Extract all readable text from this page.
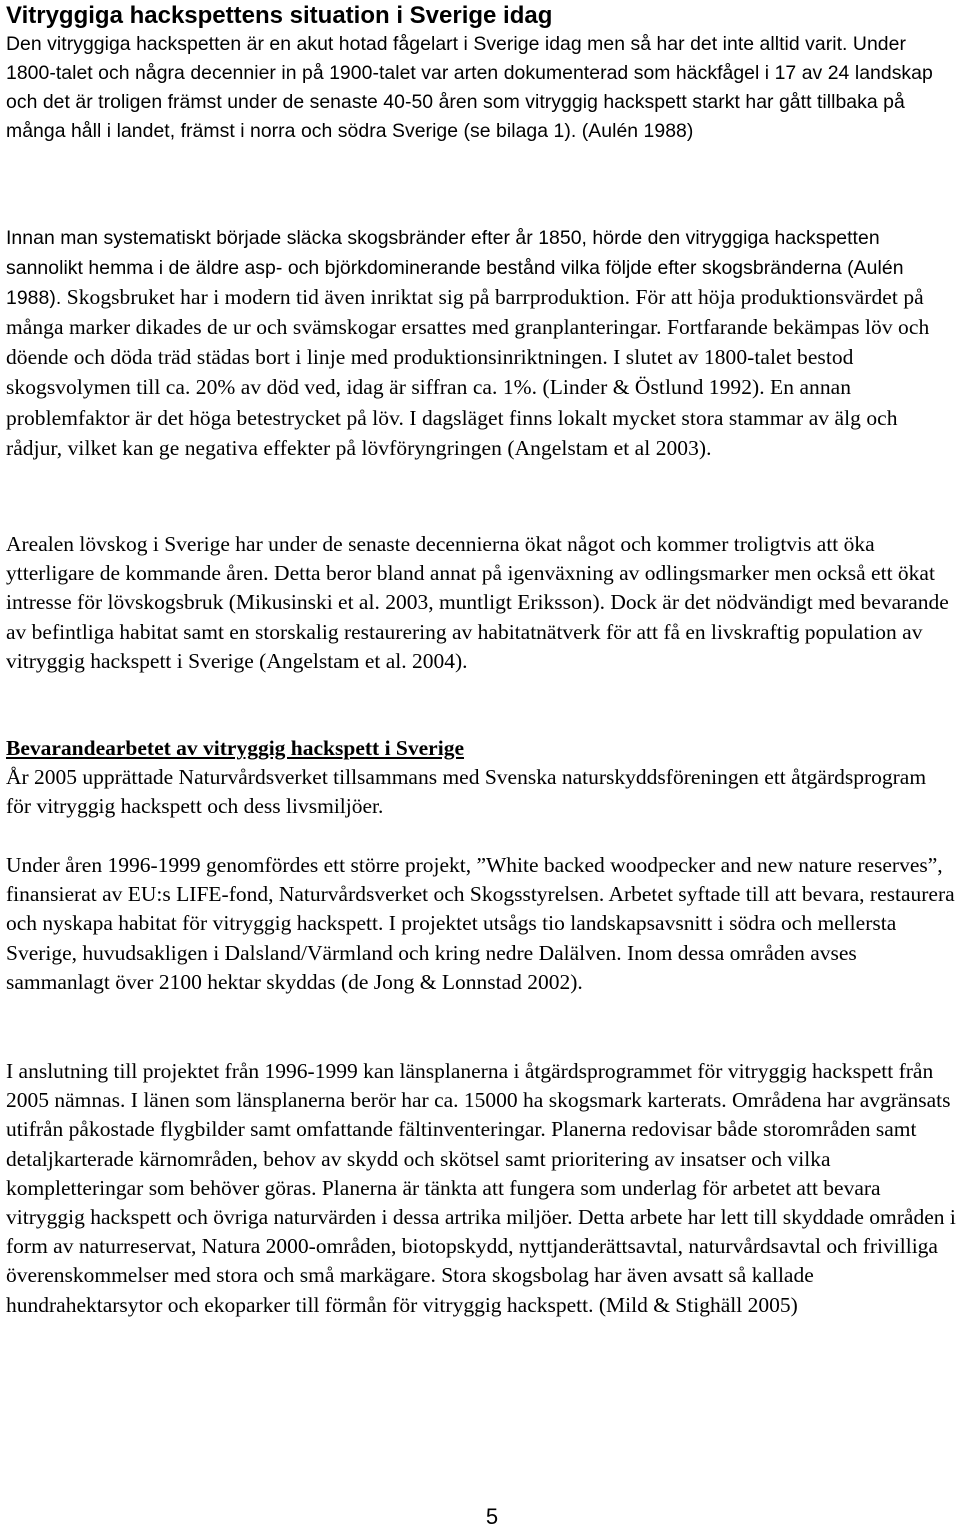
Vitryggiga hackspettens situation i Sverige idag

Den vitryggiga hackspetten är en akut hotad fågelart i Sverige idag men så har det inte alltid varit. Under 1800-talet och några decennier in på 1900-talet var arten dokumenterad som häckfågel i 17 av 24 landskap och det är troligen främst under de senaste 40-50 åren som vitryggig hackspett starkt har gått tillbaka på många håll i landet, främst i norra och södra Sverige (se bilaga 1). (Aulén 1988)

Innan man systematiskt började släcka skogsbränder efter år 1850, hörde den vitryggiga hackspetten sannolikt hemma i de äldre asp- och björkdominerande bestånd vilka följde efter skogsbränderna (Aulén 1988). Skogsbruket har i modern tid även inriktat sig på barrproduktion. För att höja produktionsvärdet på många marker dikades de ur och svämskogar ersattes med granplanteringar. Fortfarande bekämpas löv och döende och döda träd städas bort i linje med produktionsinriktningen. I slutet av 1800-talet bestod skogsvolymen till ca. 20% av död ved, idag är siffran ca. 1%. (Linder & Östlund 1992). En annan problemfaktor är det höga betestrycket på löv. I dagsläget finns lokalt mycket stora stammar av älg och rådjur, vilket kan ge negativa effekter på lövföryngringen (Angelstam et al 2003).

Arealen lövskog i Sverige har under de senaste decennierna ökat något och kommer troligtvis att öka ytterligare de kommande åren. Detta beror bland annat på igenväxning av odlingsmarker men också ett ökat intresse för lövskogsbruk (Mikusinski et al. 2003, muntligt Eriksson). Dock är det nödvändigt med bevarande av befintliga habitat samt en storskalig restaurering av habitatnätverk för att få en livskraftig population av vitryggig hackspett i Sverige (Angelstam et al. 2004).

Bevarandearbetet av vitryggig hackspett i Sverige

År 2005 upprättade Naturvårdsverket tillsammans med Svenska naturskyddsföreningen ett åtgärdsprogram för vitryggig hackspett och dess livsmiljöer.

Under åren 1996-1999 genomfördes ett större projekt, ”White backed woodpecker and new nature reserves”, finansierat av EU:s LIFE-fond, Naturvårdsverket och Skogsstyrelsen. Arbetet syftade till att bevara, restaurera och nyskapa habitat för vitryggig hackspett. I projektet utsågs tio landskapsavsnitt i södra och mellersta Sverige, huvudsakligen i Dalsland/Värmland och kring nedre Dalälven. Inom dessa områden avses sammanlagt över 2100 hektar skyddas (de Jong & Lonnstad 2002).

I anslutning till projektet från 1996-1999 kan länsplanerna i åtgärdsprogrammet för vitryggig hackspett från 2005 nämnas. I länen som länsplanerna berör har ca. 15000 ha skogsmark karterats. Områdena har avgränsats utifrån påkostade flygbilder samt omfattande fältinventeringar. Planerna redovisar både storområden samt detaljkarterade kärnområden, behov av skydd och skötsel samt prioritering av insatser och vilka kompletteringar som behöver göras. Planerna är tänkta att fungera som underlag för arbetet att bevara vitryggig hackspett och övriga naturvärden i dessa artrika miljöer. Detta arbete har lett till skyddade områden i form av naturreservat, Natura 2000-områden, biotopskydd, nyttjanderättsavtal, naturvårdsavtal och frivilliga överenskommelser med stora och små markägare. Stora skogsbolag har även avsatt så kallade hundrahektarsytor och ekoparker till förmån för vitryggig hackspett. (Mild & Stighäll 2005)

5
